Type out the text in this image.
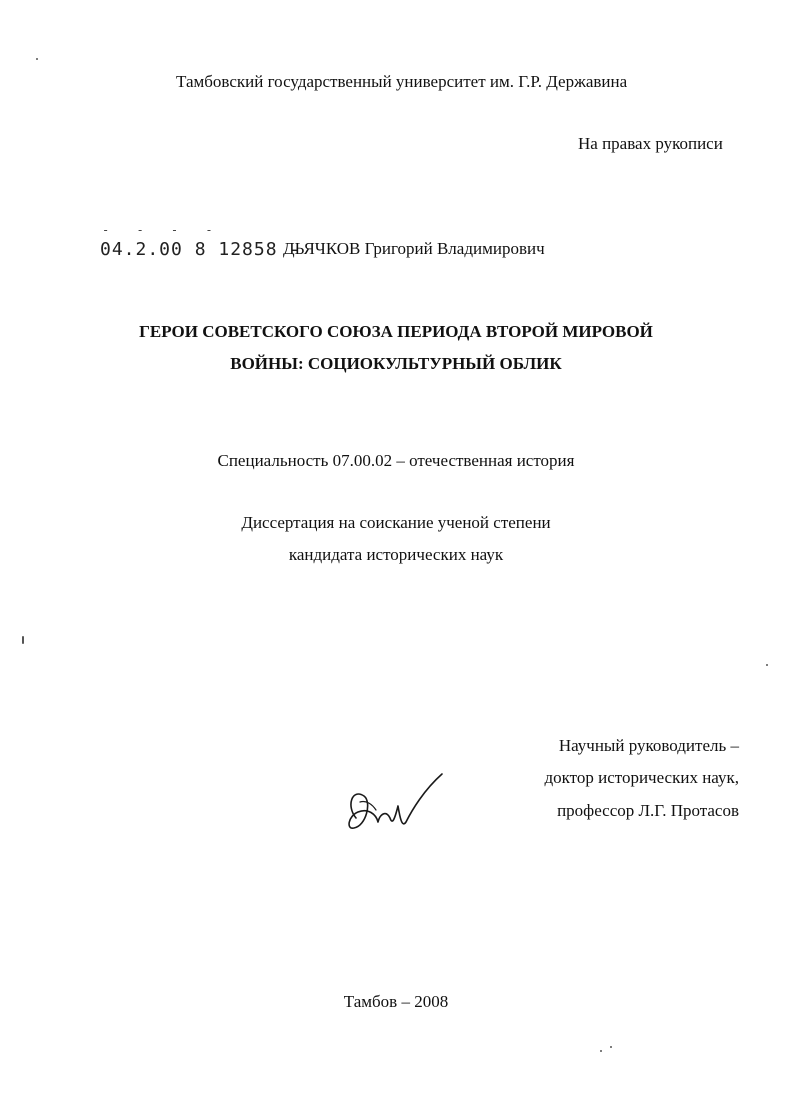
Тамбовский государственный университет им. Г.Р. Державина
На правах рукописи
- - - -
04.2.00 8 12858 -
ДЬЯЧКОВ Григорий Владимирович
ГЕРОИ СОВЕТСКОГО СОЮЗА ПЕРИОДА ВТОРОЙ МИРОВОЙ
ВОЙНЫ: СОЦИОКУЛЬТУРНЫЙ ОБЛИК
Специальность 07.00.02 – отечественная история
Диссертация на соискание ученой степени
кандидата исторических наук
Научный руководитель –
доктор исторических наук,
профессор Л.Г. Протасов
Тамбов – 2008
